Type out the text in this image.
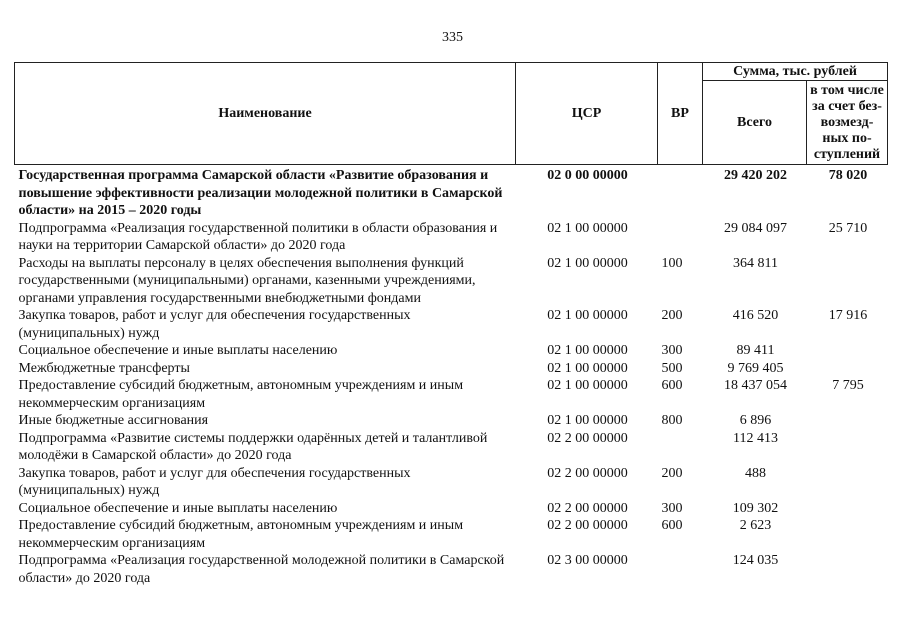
335
Наименование	ЦСР	ВР	Сумма, тыс. рублей	
			Всего	в том числе за счет без-возмезд-ных по-ступлений
Государственная программа Самарской области «Развитие образования и повышение эффективности реализации молодежной политики в Самарской области» на 2015 – 2020 годы	02 0 00 00000		29 420 202	78 020
Подпрограмма «Реализация государственной политики в области образования и науки на территории Самарской области» до 2020 года	02 1 00 00000		29 084 097	25 710
Расходы на выплаты персоналу в целях обеспечения выполнения функций государственными (муниципальными) органами, казенными учреждениями, органами управления государственными внебюджетными фондами	02 1 00 00000	100	364 811	
Закупка товаров, работ и услуг для обеспечения государственных (муниципальных) нужд	02 1 00 00000	200	416 520	17 916
Социальное обеспечение и иные выплаты населению	02 1 00 00000	300	89 411	
Межбюджетные трансферты	02 1 00 00000	500	9 769 405	
Предоставление субсидий бюджетным, автономным учреждениям и иным некоммерческим организациям	02 1 00 00000	600	18 437 054	7 795
Иные бюджетные ассигнования	02 1 00 00000	800	6 896	
Подпрограмма «Развитие системы поддержки одарённых детей и талантливой молодёжи в Самарской области» до 2020 года	02 2 00 00000		112 413	
Закупка товаров, работ и услуг для обеспечения государственных (муниципальных) нужд	02 2 00 00000	200	488	
Социальное обеспечение и иные выплаты населению	02 2 00 00000	300	109 302	
Предоставление субсидий бюджетным, автономным учреждениям и иным некоммерческим организациям	02 2 00 00000	600	2 623	
Подпрограмма «Реализация государственной молодежной политики в Самарской области» до 2020 года	02 3 00 00000		124 035	
